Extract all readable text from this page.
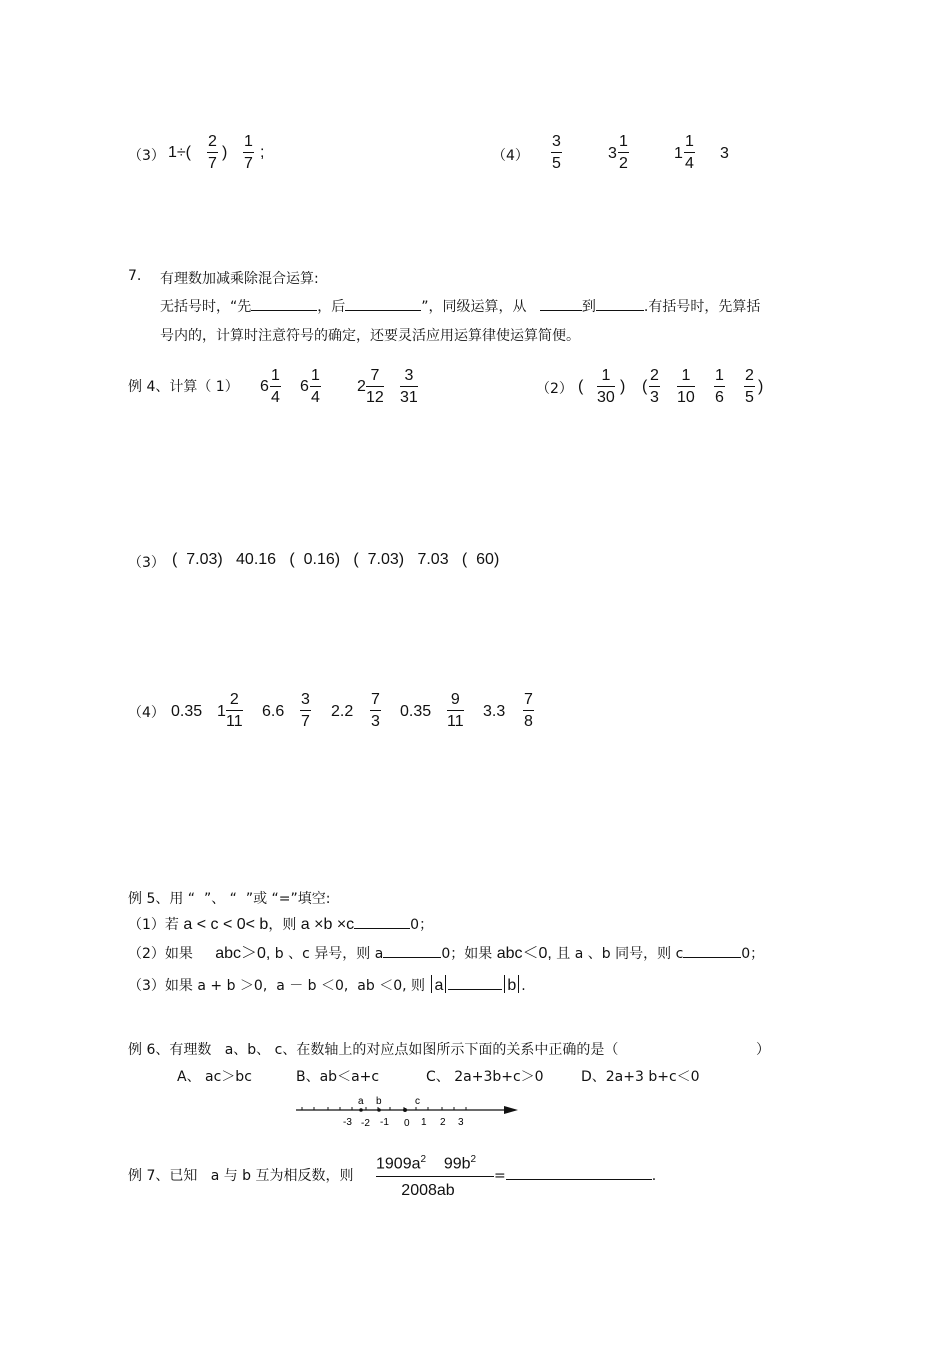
（3） 1÷(
2
7
)
1
7
;	（4）
3
5
3
1
2
1
1
4
3
7. 有理数加减乘除混合运算:
无括号时，“先	，后	”，同级运算，从	到	.有括号时，先算括
号内的，计算时注意符号的确定，还要灵活应用运算律使运算简便。
例 4、计算（ 1） 6
1
4
6
1
4
2
7
12
3
31	（2） (
1
30
) (
2
3
1
10
1
6
2
5
)
（3） (  7.03)   40.16   (  0.16)   (  7.03)   7.03   (  60)
（4） 0.35 1
2
11
6.6
3
7
2.2
7
3
0.35
9
11
3.3
7
8
例 5、用 “  ”、 “  ”或 “=”填空:
（1）若 a < c < 0< b，则 a ×b ×c	0；
（2）如果 abc＞0, b 、c 异号，则 a	0；如果 abc＜0, 且 a 、b 同号，则 c	0；
（3）如果 a + b ＞0, a － b ＜0, ab ＜0, 则 a	b .
例 6、有理数   a、b、 c、在数轴上的对应点如图所示下面的关系中正确的是（	）
A、 ac＞bc	B、ab＜a+c	C、 2a+3b+c＞0	D、2a+3 b+c＜0
a b	c
-3 -2 -1 0 1 2 3
例 7、已知   a 与 b 互为相反数，则
$1909a^2$ $99b^2$
2008ab
=	.
